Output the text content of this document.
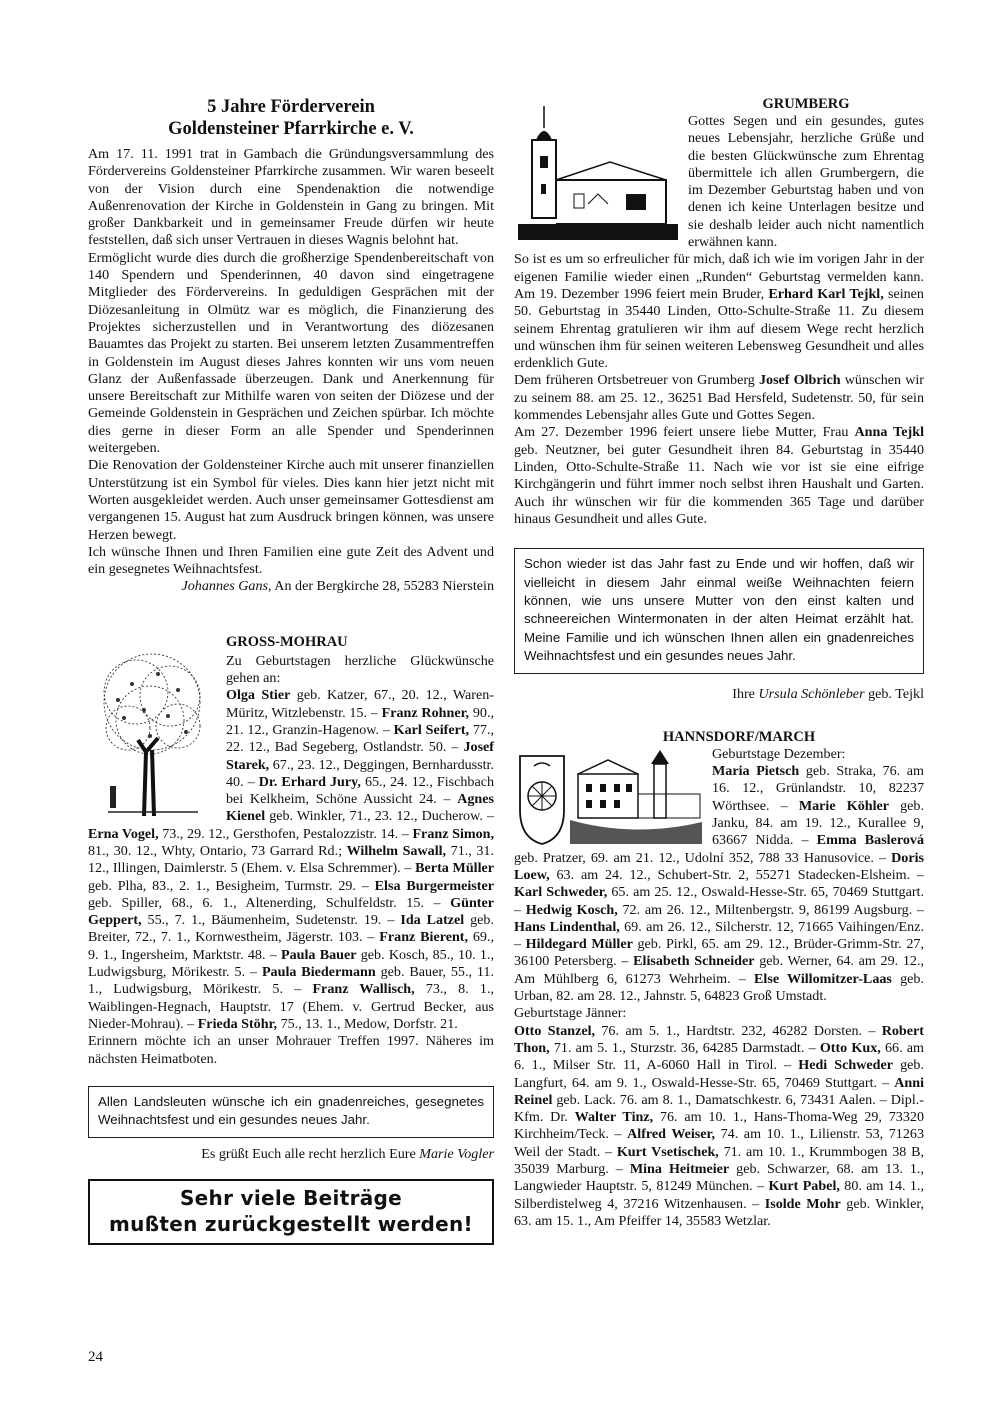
5 Jahre Förderverein
Goldensteiner Pfarrkirche e. V.

Am 17. 11. 1991 trat in Gambach die Gründungsversammlung des Fördervereins Goldensteiner Pfarrkirche zusammen. Wir waren beseelt von der Vision durch eine Spendenaktion die notwendige Außenrenovation der Kirche in Goldenstein in Gang zu bringen. Mit großer Dankbarkeit und in gemeinsamer Freude dürfen wir heute feststellen, daß sich unser Vertrauen in dieses Wagnis belohnt hat.

Ermöglicht wurde dies durch die großherzige Spendenbereitschaft von 140 Spendern und Spenderinnen, 40 davon sind eingetragene Mitglieder des Fördervereins. In geduldigen Gesprächen mit der Diözesanleitung in Olmütz war es möglich, die Finanzierung des Projektes sicherzustellen und in Verantwortung des diözesanen Bauamtes das Projekt zu starten. Bei unserem letzten Zusammentreffen in Goldenstein im August dieses Jahres konnten wir uns vom neuen Glanz der Außenfassade überzeugen. Dank und Anerkennung für unsere Bereitschaft zur Mithilfe waren von seiten der Diözese und der Gemeinde Goldenstein in Gesprächen und Zeichen spürbar. Ich möchte dies gerne in dieser Form an alle Spender und Spenderinnen weitergeben.

Die Renovation der Goldensteiner Kirche auch mit unserer finanziellen Unterstützung ist ein Symbol für vieles. Dies kann hier jetzt nicht mit Worten ausgekleidet werden. Auch unser gemeinsamer Gottesdienst am vergangenen 15. August hat zum Ausdruck bringen können, was unsere Herzen bewegt.

Ich wünsche Ihnen und Ihren Familien eine gute Zeit des Advent und ein gesegnetes Weihnachtsfest.

Johannes Gans, An der Bergkirche 28, 55283 Nierstein

GROSS-MOHRAU

Zu Geburtstagen herzliche Glückwünsche gehen an:

Olga Stier geb. Katzer, 67., 20. 12., Waren-Müritz, Witzlebenstr. 15. – Franz Rohner, 90., 21. 12., Granzin-Hagenow. – Karl Seifert, 77., 22. 12., Bad Segeberg, Ostlandstr. 50. – Josef Starek, 67., 23. 12., Deggingen, Bernhardusstr. 40. – Dr. Erhard Jury, 65., 24. 12., Fischbach bei Kelkheim, Schöne Aussicht 24. – Agnes Kienel geb. Winkler, 71., 23. 12., Ducherow. – Erna Vogel, 73., 29. 12., Gersthofen, Pestalozzistr. 14. – Franz Simon, 81., 30. 12., Whty, Ontario, 73 Garrard Rd.; Wilhelm Sawall, 71., 31. 12., Illingen, Daimlerstr. 5 (Ehem. v. Elsa Schremmer). – Berta Müller geb. Plha, 83., 2. 1., Besigheim, Turmstr. 29. – Elsa Burgermeister geb. Spiller, 68., 6. 1., Altenerding, Schulfeldstr. 15. – Günter Geppert, 55., 7. 1., Bäumenheim, Sudetenstr. 19. – Ida Latzel geb. Breiter, 72., 7. 1., Kornwestheim, Jägerstr. 103. – Franz Bierent, 69., 9. 1., Ingersheim, Marktstr. 48. – Paula Bauer geb. Kosch, 85., 10. 1., Ludwigsburg, Mörikestr. 5. – Paula Biedermann geb. Bauer, 55., 11. 1., Ludwigsburg, Mörikestr. 5. – Franz Wallisch, 73., 8. 1., Waiblingen-Hegnach, Hauptstr. 17 (Ehem. v. Gertrud Becker, aus Nieder-Mohrau). – Frieda Stöhr, 75., 13. 1., Medow, Dorfstr. 21.

Erinnern möchte ich an unser Mohrauer Treffen 1997. Näheres im nächsten Heimatboten.

Allen Landsleuten wünsche ich ein gnadenreiches, gesegnetes Weihnachtsfest und ein gesundes neues Jahr.

Es grüßt Euch alle recht herzlich Eure Marie Vogler

Sehr viele Beiträge
mußten zurückgestellt werden!

GRUMBERG

Gottes Segen und ein gesundes, gutes neues Lebensjahr, herzliche Grüße und die besten Glückwünsche zum Ehrentag übermittele ich allen Grumbergern, die im Dezember Geburtstag haben und von denen ich keine Unterlagen besitze und sie deshalb leider auch nicht namentlich erwähnen kann.

So ist es um so erfreulicher für mich, daß ich wie im vorigen Jahr in der eigenen Familie wieder einen „Runden“ Geburtstag vermelden kann. Am 19. Dezember 1996 feiert mein Bruder, Erhard Karl Tejkl, seinen 50. Geburtstag in 35440 Linden, Otto-Schulte-Straße 11. Zu diesem seinem Ehrentag gratulieren wir ihm auf diesem Wege recht herzlich und wünschen ihm für seinen weiteren Lebensweg Gesundheit und alles erdenklich Gute.

Dem früheren Ortsbetreuer von Grumberg Josef Olbrich wünschen wir zu seinem 88. am 25. 12., 36251 Bad Hersfeld, Sudetenstr. 50, für sein kommendes Lebensjahr alles Gute und Gottes Segen.

Am 27. Dezember 1996 feiert unsere liebe Mutter, Frau Anna Tejkl geb. Neutzner, bei guter Gesundheit ihren 84. Geburtstag in 35440 Linden, Otto-Schulte-Straße 11. Nach wie vor ist sie eine eifrige Kirchgängerin und führt immer noch selbst ihren Haushalt und Garten. Auch ihr wünschen wir für die kommenden 365 Tage und darüber hinaus Gesundheit und alles Gute.

Schon wieder ist das Jahr fast zu Ende und wir hoffen, daß wir vielleicht in diesem Jahr einmal weiße Weihnachten feiern können, wie uns unsere Mutter von den einst kalten und schneereichen Wintermonaten in der alten Heimat erzählt hat. Meine Familie und ich wünschen Ihnen allen ein gnadenreiches Weihnachtsfest und ein gesundes neues Jahr.

Ihre Ursula Schönleber geb. Tejkl

HANNSDORF/MARCH

Geburtstage Dezember:

Maria Pietsch geb. Straka, 76. am 16. 12., Grünlandstr. 10, 82237 Wörthsee. – Marie Köhler geb. Janku, 84. am 19. 12., Kurallee 9, 63667 Nidda. – Emma Baslerová geb. Pratzer, 69. am 21. 12., Udolní 352, 788 33 Hanusovice. – Doris Loew, 63. am 24. 12., Schubert-Str. 2, 55271 Stadecken-Elsheim. – Karl Schweder, 65. am 25. 12., Oswald-Hesse-Str. 65, 70469 Stuttgart. – Hedwig Kosch, 72. am 26. 12., Miltenbergstr. 9, 86199 Augsburg. – Hans Lindenthal, 69. am 26. 12., Silcherstr. 12, 71665 Vaihingen/Enz. – Hildegard Müller geb. Pirkl, 65. am 29. 12., Brüder-Grimm-Str. 27, 36100 Petersberg. – Elisabeth Schneider geb. Werner, 64. am 29. 12., Am Mühlberg 6, 61273 Wehrheim. – Else Willomitzer-Laas geb. Urban, 82. am 28. 12., Jahnstr. 5, 64823 Groß Umstadt.

Geburtstage Jänner:

Otto Stanzel, 76. am 5. 1., Hardtstr. 232, 46282 Dorsten. – Robert Thon, 71. am 5. 1., Sturzstr. 36, 64285 Darmstadt. – Otto Kux, 66. am 6. 1., Milser Str. 11, A-6060 Hall in Tirol. – Hedi Schweder geb. Langfurt, 64. am 9. 1., Oswald-Hesse-Str. 65, 70469 Stuttgart. – Anni Reinel geb. Lack. 76. am 8. 1., Damatschkestr. 6, 73431 Aalen. – Dipl.-Kfm. Dr. Walter Tinz, 76. am 10. 1., Hans-Thoma-Weg 29, 73320 Kirchheim/Teck. – Alfred Weiser, 74. am 10. 1., Lilienstr. 53, 71263 Weil der Stadt. – Kurt Vsetischek, 71. am 10. 1., Krummbogen 38 B, 35039 Marburg. – Mina Heitmeier geb. Schwarzer, 68. am 13. 1., Langwieder Hauptstr. 5, 81249 München. – Kurt Pabel, 80. am 14. 1., Silberdistelweg 4, 37216 Witzenhausen. – Isolde Mohr geb. Winkler, 63. am 15. 1., Am Pfeiffer 14, 35583 Wetzlar.

24
